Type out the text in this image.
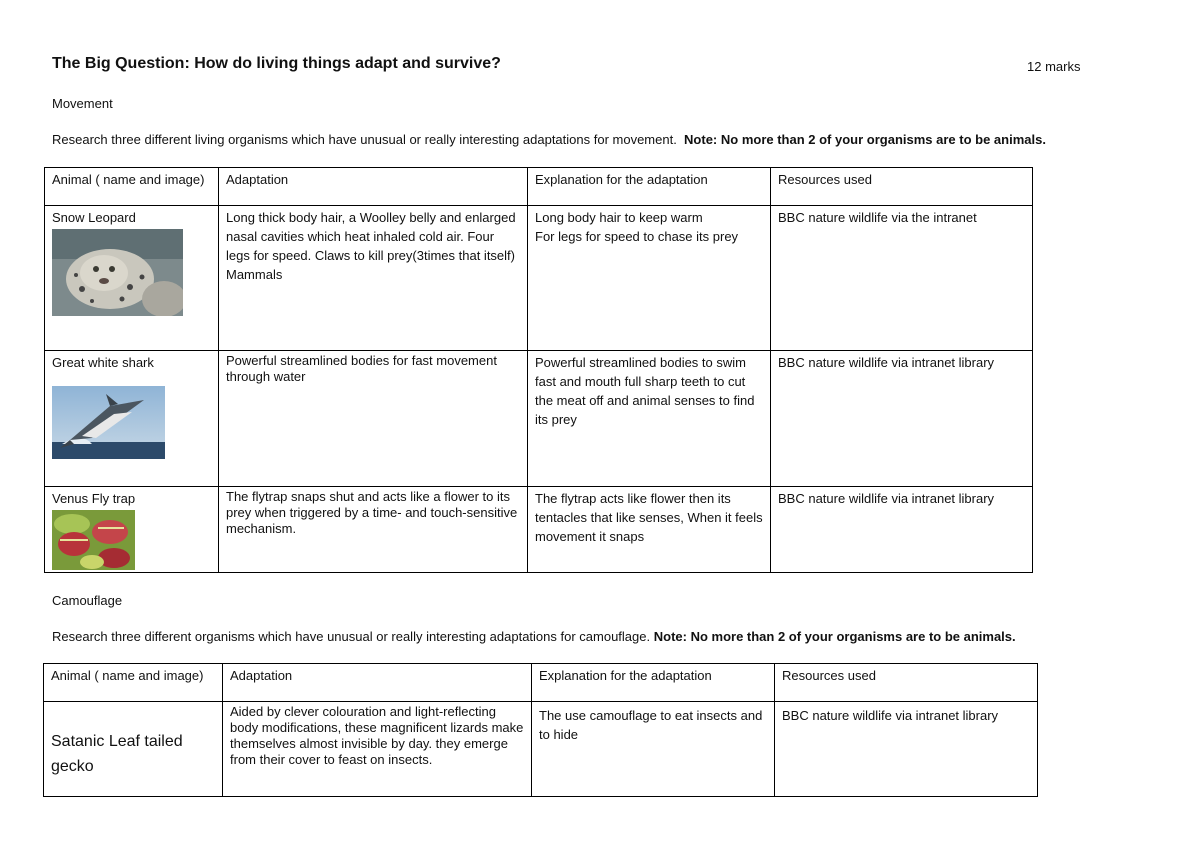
The Big Question: How do living things adapt and survive?	12 marks
Movement
Research three different living organisms which have unusual or really interesting adaptations for movement. Note: No more than 2 of your organisms are to be animals.
Animal ( name and image)	Adaptation	Explanation for the adaptation	Resources used

Snow Leopard	Long thick body hair, a Woolley belly and enlarged nasal cavities which heat inhaled cold air. Four legs for speed. Claws to kill prey(3times that itself) Mammals	Long body hair to keep warm
For legs for speed to chase its prey	BBC nature wildlife via the intranet

Great white shark	Powerful streamlined bodies for fast movement through water	Powerful streamlined bodies to swim fast and mouth full sharp teeth to cut the meat off and animal senses to find its prey	BBC nature wildlife via intranet library

Venus Fly trap	The flytrap snaps shut and acts like a flower to its prey when triggered by a time- and touch-sensitive mechanism.	The flytrap acts like flower then its tentacles that like senses, When it feels movement it snaps	BBC nature wildlife via intranet library
Camouflage
Research three different organisms which have unusual or really interesting adaptations for camouflage. Note: No more than 2 of your organisms are to be animals.
Animal ( name and image)	Adaptation	Explanation for the adaptation	Resources used

Satanic Leaf tailed gecko	Aided by clever colouration and light-reflecting body modifications, these magnificent lizards make themselves almost invisible by day. they emerge from their cover to feast on insects.	The use camouflage to eat insects and to hide	BBC nature wildlife via intranet library
